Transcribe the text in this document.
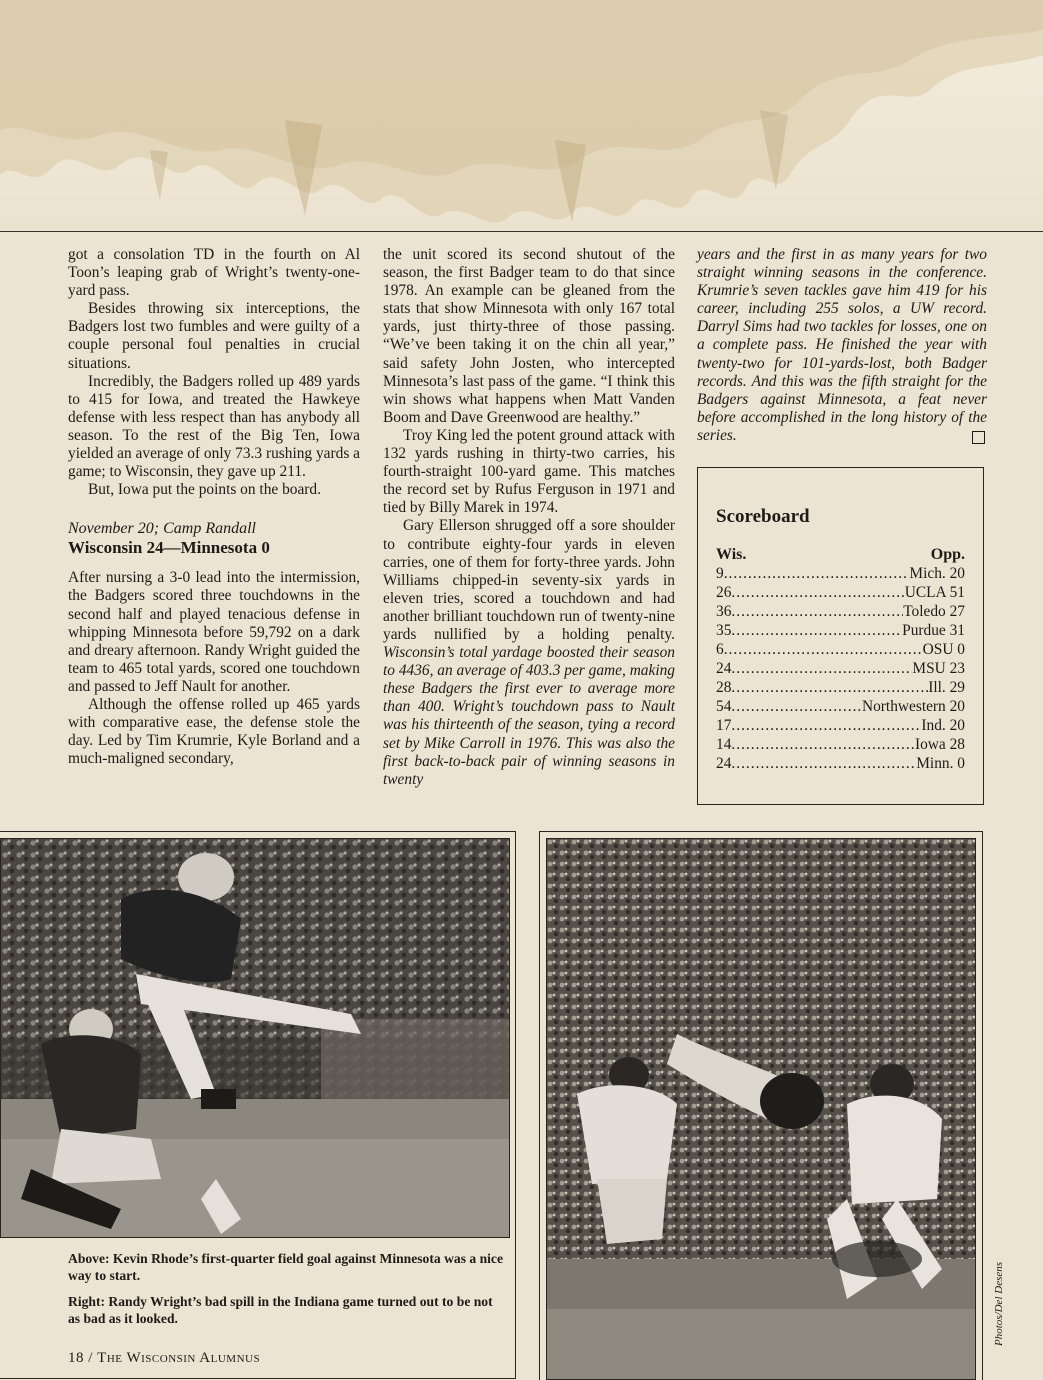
got a consolation TD in the fourth on Al Toon’s leaping grab of Wright’s twenty-one-yard pass.

Besides throwing six interceptions, the Badgers lost two fumbles and were guilty of a couple personal foul penalties in crucial situations.

Incredibly, the Badgers rolled up 489 yards to 415 for Iowa, and treated the Hawkeye defense with less respect than has anybody all season. To the rest of the Big Ten, Iowa yielded an average of only 73.3 rushing yards a game; to Wisconsin, they gave up 211.

But, Iowa put the points on the board.

November 20; Camp Randall
Wisconsin 24—Minnesota 0

After nursing a 3-0 lead into the intermission, the Badgers scored three touchdowns in the second half and played tenacious defense in whipping Minnesota before 59,792 on a dark and dreary afternoon. Randy Wright guided the team to 465 total yards, scored one touchdown and passed to Jeff Nault for another.

Although the offense rolled up 465 yards with comparative ease, the defense stole the day. Led by Tim Krumrie, Kyle Borland and a much-maligned secondary,

the unit scored its second shutout of the season, the first Badger team to do that since 1978. An example can be gleaned from the stats that show Minnesota with only 167 total yards, just thirty-three of those passing. “We’ve been taking it on the chin all year,” said safety John Josten, who intercepted Minnesota’s last pass of the game. “I think this win shows what happens when Matt Vanden Boom and Dave Greenwood are healthy.”

Troy King led the potent ground attack with 132 yards rushing in thirty-two carries, his fourth-straight 100-yard game. This matches the record set by Rufus Ferguson in 1971 and tied by Billy Marek in 1974.

Gary Ellerson shrugged off a sore shoulder to contribute eighty-four yards in eleven carries, one of them for forty-three yards. John Williams chipped-in seventy-six yards in eleven tries, scored a touchdown and had another brilliant touchdown run of twenty-nine yards nullified by a holding penalty. Wisconsin’s total yardage boosted their season to 4436, an average of 403.3 per game, making these Badgers the first ever to average more than 400. Wright’s touchdown pass to Nault was his thirteenth of the season, tying a record set by Mike Carroll in 1976. This was also the first back-to-back pair of winning seasons in twenty

years and the first in as many years for two straight winning seasons in the conference. Krumrie’s seven tackles gave him 419 for his career, including 255 solos, a UW record. Darryl Sims had two tackles for losses, one on a complete pass. He finished the year with twenty-two for 101-yards-lost, both Badger records. And this was the fifth straight for the Badgers against Minnesota, a feat never before accomplished in the long history of the series.

Scoreboard
Wis.	Opp.
9 .....	Mich. 20
26 .....	UCLA 51
36 .....	Toledo 27
35 .....	Purdue 31
6 .....	OSU 0
24 .....	MSU 23
28 .....	Ill. 29
54 .....	Northwestern 20
17 .....	Ind. 20
14 .....	Iowa 28
24 .....	Minn. 0

Above: Kevin Rhode’s first-quarter field goal against Minnesota was a nice way to start.

Right: Randy Wright’s bad spill in the Indiana game turned out to be not as bad as it looked.	Photos/Del Desens
18 / The Wisconsin Alumnus
